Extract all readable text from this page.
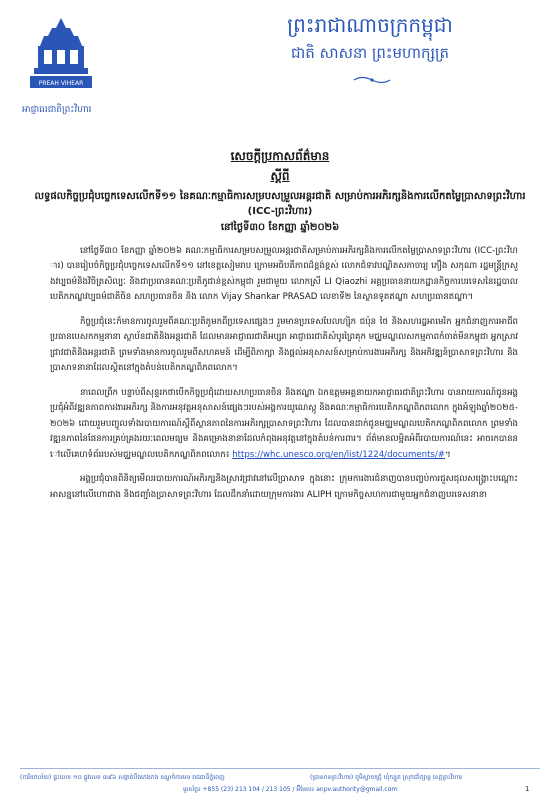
PREAH VIHEAR
អាជ្ញាធរជាតិព្រះវិហារ
ព្រះរាជាណាចក្រកម្ពុជា
ជាតិ សាសនា ព្រះមហាក្សត្រ
សេចក្តីប្រកាសព័ត៌មាន
ស្តីពី
លទ្ធផលកិច្ចប្រជុំបច្ចេកទេសលើកទី១១ នៃគណៈកម្មាធិការសម្របសម្រួលអន្តរជាតិ សម្រាប់ការអភិរក្សនិងការលើកតម្លៃប្រាសាទព្រះវិហារ (ICC-ព្រះវិហារ)
នៅថ្ងៃទី៣០ ខែកញ្ញា ឆ្នាំ២០២៦

នៅថ្ងៃទី៣០ ខែកញ្ញា ឆ្នាំ២០២៦ គណៈកម្មាធិការសម្របសម្រួលអន្តរជាតិសម្រាប់ការអភិរក្សនិងការលើកតម្លៃប្រាសាទព្រះវិហារ (ICC-ព្រះវិហារ) បានរៀបចំកិច្ចប្រជុំបច្ចេកទេសលើកទី១១ នៅខេត្តសៀមរាប ក្រោមអធិបតីភាពដ៏ខ្ពង់ខ្ពស់ លោកជំទាវបណ្ឌិតសភាចារ្យ ភឿង សកុណា រដ្ឋមន្ត្រីក្រសួងវប្បធម៌និងវិចិត្រសិល្បៈ និងជាប្រធានគណៈប្រតិភូជាន់ខ្ពស់កម្ពុជា រួមជាមួយ លោកស្រី LI Qiaozhi អគ្គប្រធាននាយកដ្ឋានកិច្ចការបរទេសនៃរដ្ឋបាលបេតិកភណ្ឌវប្បធម៌ជាតិចិន សហប្រធានចិន និង លោក Vijay Shankar PRASAD លេខាទី២ នៃស្ថានទូតឥណ្ឌា សហប្រធានឥណ្ឌា។

កិច្ចប្រជុំនេះក៏មានការចូលរួមពីគណៈប្រតិភូមកពីប្រទេសផ្សេងៗ រួមមានប្រទេសបែលហ្ស៊ិក ជប៉ុន ថៃ និងសហរដ្ឋអាមេរិក អ្នកជំនាញការអាជីព ប្រធានបេសកកម្មនានា ស្ថាប័នជាតិនិងអន្តរជាតិ ដែលមានអាជ្ញាធរជាតិអប្សរា អាជ្ញាធរជាតិសំបូរព្រៃគុក មជ្ឈមណ្ឌលសកម្មភាពកំចាត់មីនកម្ពុជា អ្នកស្រាវជ្រាវជាតិនិងអន្តរជាតិ ព្រមទាំងមានការចូលរួមពីសហគមន៍ ដើម្បីពិភាក្សា និងផ្តល់អនុសាសន៍សម្រាប់ការងារអភិរក្ស និងអភិវឌ្ឍន៍ប្រាសាទព្រះវិហារ និងប្រាសាទនានាដែលស្ថិតនៅក្នុងតំបន់បេតិកភណ្ឌពិភពលោក។

នាពេលព្រឹក បន្ទាប់ពីសុន្ទរកថាបើកកិច្ចប្រជុំដោយសហប្រធានចិន និងឥណ្ឌា ឯកឧត្តមអគ្គនាយកអាជ្ញាធរជាតិព្រះវិហារ បានរាយការណ៍ជូនអង្គប្រជុំអំពីវឌ្ឍនភាពការងារអភិរក្ស និងការអនុវត្តអនុសាសន៍ផ្សេងៗរបស់អង្គការយូណេស្កូ និងគណៈកម្មាធិការបេតិកភណ្ឌពិភពលោក ក្នុងអំឡុងឆ្នាំ២០២៥-២០២៦ ដោយរួមបញ្ចូលទាំងរបាយការណ៍ស្តីពីស្ថានភាពនៃការអភិរក្សប្រាសាទព្រះវិហារ ដែលបានដាក់ជូនមជ្ឈមណ្ឌលបេតិកភណ្ឌពិភពលោក ព្រមទាំងវឌ្ឍនភាពនៃផែនការគ្រប់គ្រងរយៈពេលមធ្យម និងគម្រោងនានាដែលកំពុងអនុវត្តនៅក្នុងតំបន់ការពារ។ ព័ត៌មានលម្អិតអំពីរបាយការណ៍នេះ អាចរកបាននៅលើគេហទំព័ររបស់មជ្ឈមណ្ឌលបេតិកភណ្ឌពិភពលោក៖ https://whc.unesco.org/en/list/1224/documents/#។

អង្គប្រជុំបានពិនិត្យមើលរបាយការណ៍អភិរក្សនិងស្រាវជ្រាវនៅលើប្រាសាទ ក្នុងនោះ ក្រុមការងារជំនាញបានបញ្ចប់ការជួសជុលសង្គ្រោះបណ្តោះអាសន្ននៅលើហោជាង និងជញ្ជាំងប្រាសាទព្រះវិហារ ដែលដឹកនាំដោយក្រុមការងារ ALIPH ក្រោមកិច្ចសហការជាមួយអ្នកជំនាញបរទេសនានា

(ការិយាល័យ) ផ្ទះលេខ ១០ ផ្លូវលេខ ៣៩៦ សង្កាត់បឹងកេងកង ខណ្ឌចំការមន រាជធានីភ្នំពេញ	(ប្រាសាទព្រះវិហារ) ភូមិស្វាយជ្រុំ ឃុំកន្ទួត ស្រុកជាំក្សាន្ត ខេត្តព្រះវិហារ
ទូរស័ព្ទ៖ +855 (23) 213 104 / 213 105 / អ៊ីមែល៖ anpv.authority@gmail.com	1
